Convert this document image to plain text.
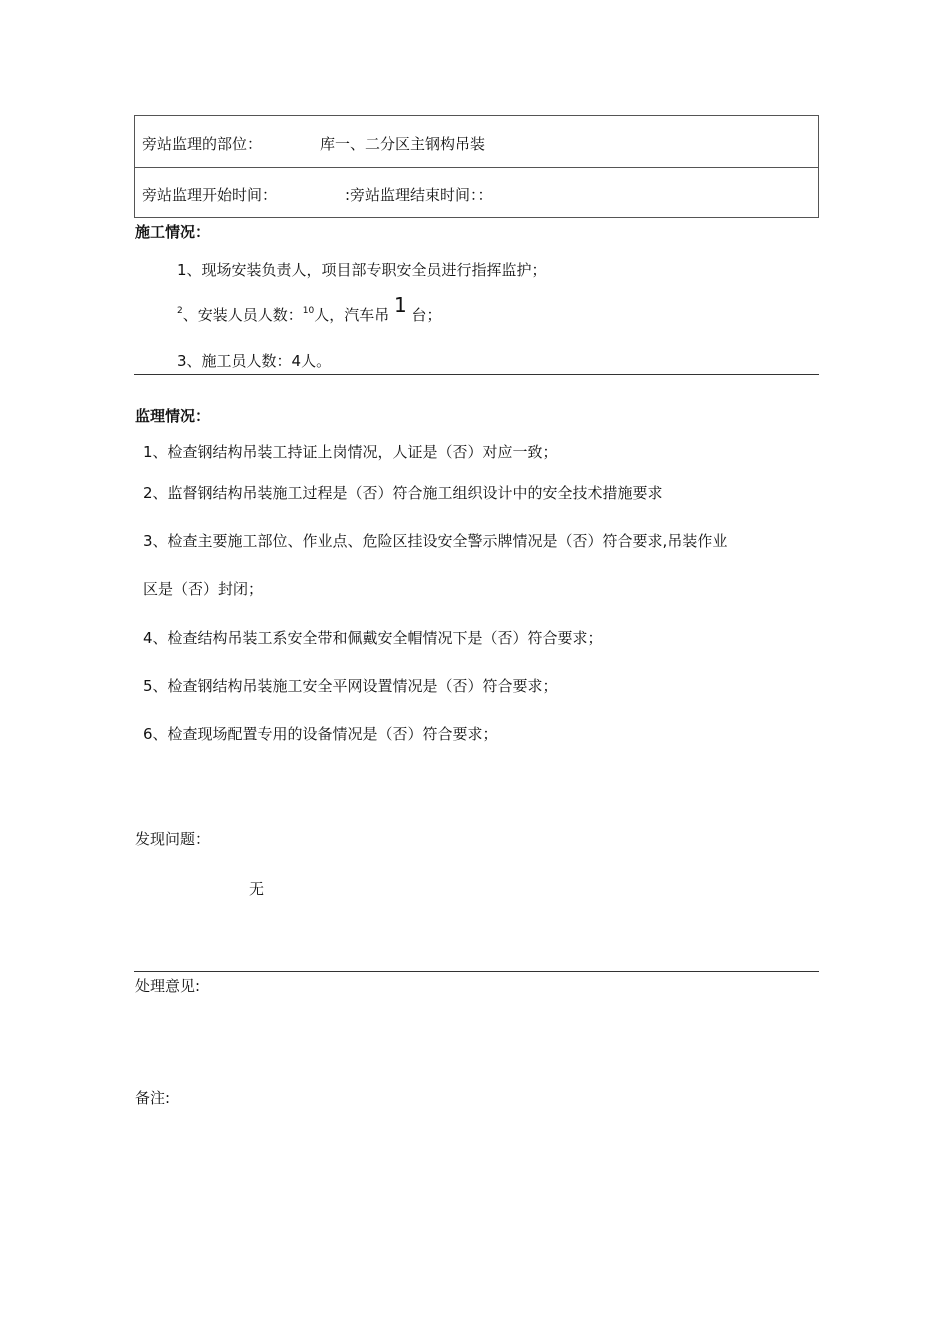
旁站监理的部位：	库一、二分区主钢构吊装
旁站监理开始时间：	:旁站监理结束时间：：
施工情况：
1、现场安装负责人，项目部专职安全员进行指挥监护；
$^2$、安装人员人数：$^{10}$人，汽车吊 1 台；
3、施工员人数：4人。
监理情况：
1、检查钢结构吊装工持证上岗情况，人证是（否）对应一致；
2、监督钢结构吊装施工过程是（否）符合施工组织设计中的安全技术措施要求
3、检查主要施工部位、作业点、危险区挂设安全警示牌情况是（否）符合要求,吊装作业
区是（否）封闭；
4、检查结构吊装工系安全带和佩戴安全帽情况下是（否）符合要求；
5、检查钢结构吊装施工安全平网设置情况是（否）符合要求；
6、检查现场配置专用的设备情况是（否）符合要求；
发现问题：
无
处理意见:
备注:
